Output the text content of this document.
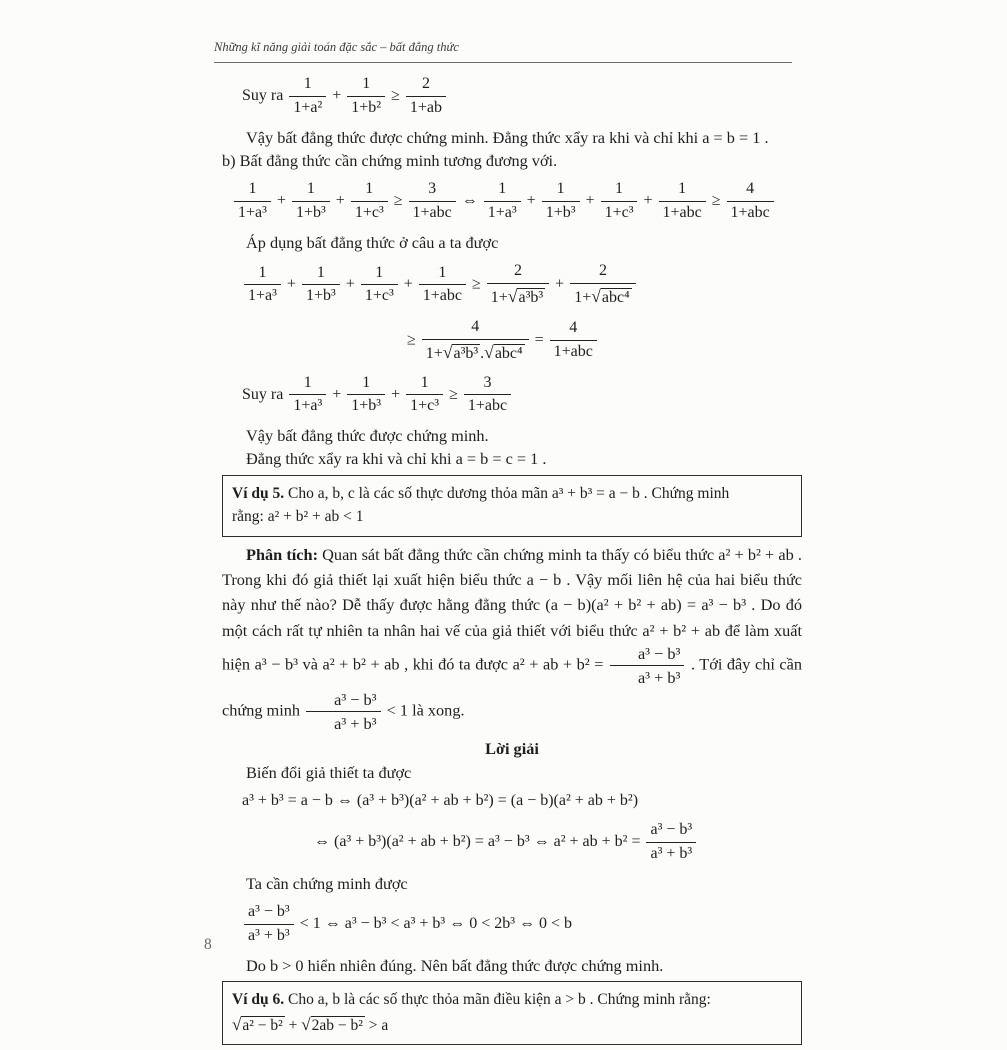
Những kĩ năng giải toán đặc sắc – bất đẳng thức
Suy ra $\frac{1}{\text{1+a²}} + \frac{1}{\text{1+b²}} \ge \frac{2}{1+ab}$
Vậy bất đẳng thức được chứng minh. Đẳng thức xẩy ra khi và chỉ khi a = b = 1 .
b) Bất đẳng thức cần chứng minh tương đương với.
$\frac{1}{\text{1+a³}} + \frac{1}{\text{1+b³}} + \frac{1}{\text{1+c³}} \ge \frac{3}{\text{1+abc}}$ ⇔ $\frac{1}{\text{1+a³}} + \frac{1}{\text{1+b³}} + \frac{1}{\text{1+c³}} + \frac{1}{\text{1+abc}} \ge \frac{4}{\text{1+abc}}$
Áp dụng bất đẳng thức ở câu a ta được
$\frac{1}{\text{1+a³}} + \frac{1}{\text{1+b³}} + \frac{1}{\text{1+c³}} + \frac{1}{\text{1+abc}} \ge \frac{2}{\text{1+√a³b³}} + \frac{2}{\text{1+√abc⁴}}$
≥ $\frac{4}{\text{1+√a³b³ .√abc⁴}} = \frac{4}{\text{1+abc}}$
Suy ra $\frac{1}{\text{1+a³}} + \frac{1}{\text{1+b³}} + \frac{1}{\text{1+c³}} \ge \frac{3}{\text{1+abc}}$
Vậy bất đẳng thức được chứng minh.
Đẳng thức xẩy ra khi và chỉ khi a = b = c = 1 .
Ví dụ 5. Cho a, b, c là các số thực dương thỏa mãn a³ + b³ = a − b . Chứng minh
rằng: a² + b² + ab < 1
Phân tích: Quan sát bất đẳng thức cần chứng minh ta thấy có biểu thức a² + b² + ab . Trong khi đó giả thiết lại xuất hiện biểu thức a − b . Vậy mối liên hệ của hai biểu thức này như thế nào? Dễ thấy được hằng đẳng thức (a − b)(a² + b² + ab) = a³ − b³ . Do đó một cách rất tự nhiên ta nhân hai vế của giả thiết với biểu thức a² + b² + ab để làm xuất hiện a³ − b³ và a² + b² + ab , khi đó ta được a² + ab + $b^2 = \frac{\text{a³ − b³}}{\text{a³ + b³}}$ . Tới đây chỉ cần chứng minh $\frac{\text{a³ − b³}}{\text{a³ + b³}} < 1$ là xong.
Lời giải
Biến đổi giả thiết ta được
a³ + b³ = a − b ⇔ (a³ + b³)(a² + ab + b²) = (a − b)(a² + ab + b²)
⇔ (a³ + b³)(a² + ab + b²) = a³ − b³ ⇔ a² + ab + $b^2 = \frac{\text{a³ − b³}}{\text{a³ + b³}}$
Ta cần chứng minh được
$\frac{\text{a³ − b³}}{\text{a³ + b³}} < 1$ ⇔ a³ − b³ < a³ + b³ ⇔ 0 < 2b³ ⇔ 0 < b
Do b > 0 hiển nhiên đúng. Nên bất đẳng thức được chứng minh.
Ví dụ 6. Cho a, b là các số thực thỏa mãn điều kiện a > b . Chứng minh rằng:
√a² − b² + √2ab − b² > a
8
